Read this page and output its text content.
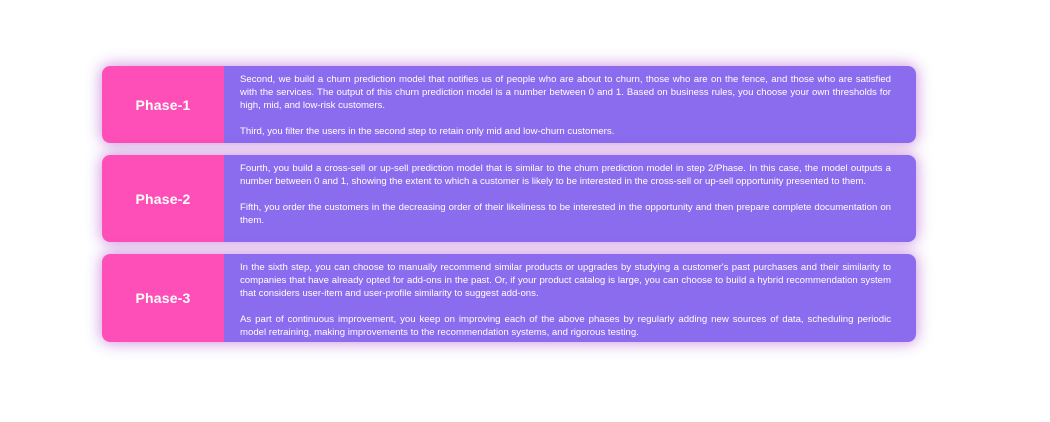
Phase-1

Second, we build a churn prediction model that notifies us of people who are about to churn, those who are on the fence, and those who are satisfied with the services. The output of this churn prediction model is a number between 0 and 1. Based on business rules, you choose your own thresholds for high, mid, and low-risk customers.

Third, you filter the users in the second step to retain only mid and low-churn customers.

Phase-2

Fourth, you build a cross-sell or up-sell prediction model that is similar to the churn prediction model in step 2/Phase. In this case, the model outputs a number between 0 and 1, showing the extent to which a customer is likely to be interested in the cross-sell or up-sell opportunity presented to them.

Fifth, you order the customers in the decreasing order of their likeliness to be interested in the opportunity and then prepare complete documentation on them.

Phase-3

In the sixth step, you can choose to manually recommend similar products or upgrades by studying a customer's past purchases and their similarity to companies that have already opted for add-ons in the past. Or, if your product catalog is large, you can choose to build a hybrid recommendation system that considers user-item and user-profile similarity to suggest add-ons.

As part of continuous improvement, you keep on improving each of the above phases by regularly adding new sources of data, scheduling periodic model retraining, making improvements to the recommendation systems, and rigorous testing.
